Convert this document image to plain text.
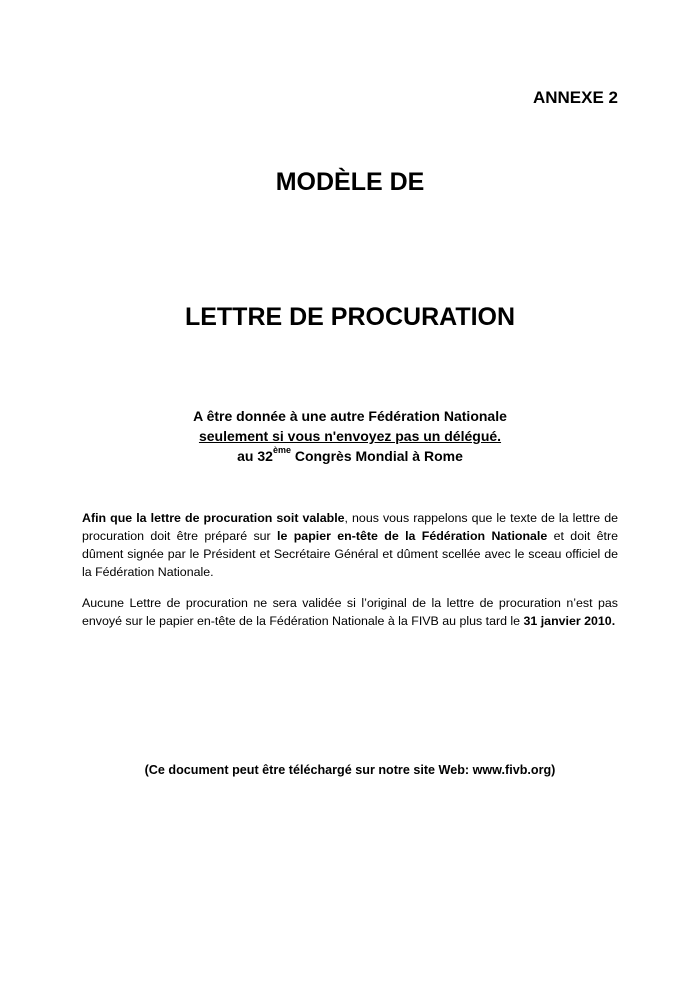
ANNEXE 2
MODÈLE DE
LETTRE DE PROCURATION
A être donnée à une autre Fédération Nationale
seulement si vous n'envoyez pas un délégué.
au 32ème Congrès Mondial à Rome
Afin que la lettre de procuration soit valable, nous vous rappelons que le texte de la lettre de procuration doit être préparé sur le papier en-tête de la Fédération Nationale et doit être dûment signée par le Président et Secrétaire Général et dûment scellée avec le sceau officiel de la Fédération Nationale.
Aucune Lettre de procuration ne sera validée si l’original de la lettre de procuration n’est pas envoyé sur le papier en-tête de la Fédération Nationale à la FIVB au plus tard le 31 janvier 2010.
(Ce document peut être téléchargé sur notre site Web: www.fivb.org)
